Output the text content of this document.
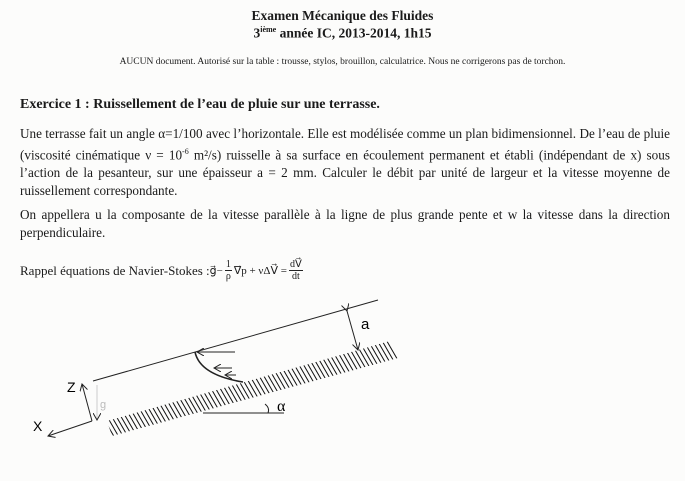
Examen Mécanique des Fluides
3ième année IC, 2013-2014, 1h15
AUCUN document. Autorisé sur la table : trousse, stylos, brouillon, calculatrice. Nous ne corrigerons pas de torchon.
Exercice 1 : Ruissellement de l’eau de pluie sur une terrasse.
Une terrasse fait un angle α=1/100 avec l’horizontale. Elle est modélisée comme un plan bidimensionnel. De l’eau de pluie (viscosité cinématique $\nu = 10^{-6}$ m²/s) ruisselle à sa surface en écoulement permanent et établi (indépendant de x) sous l’action de la pesanteur, sur une épaisseur a = 2 mm. Calculer le débit par unité de largeur et la vitesse moyenne de ruissellement correspondante.
On appellera u la composante de la vitesse parallèle à la ligne de plus grande pente et w la vitesse dans la direction perpendiculaire.
Rappel équations de Navier-Stokes : g⃗ − $\frac{1}{\rho}$ ∇⃗p + νΔV⃗ = $\frac{dV⃗}{dt}$
g
a
Z
X
α
